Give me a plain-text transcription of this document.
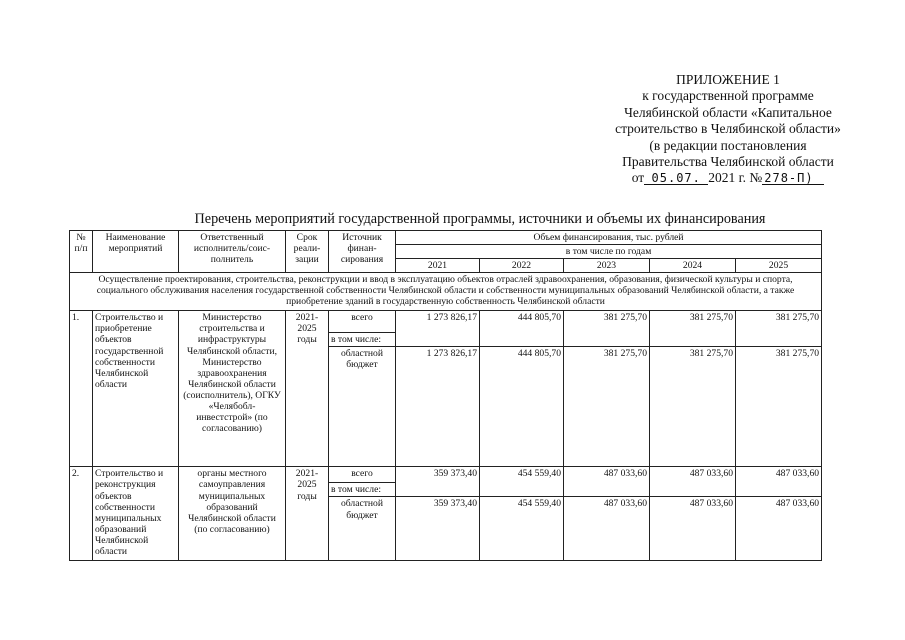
ПРИЛОЖЕНИЕ 1
к государственной программе
Челябинской области «Капитальное
строительство в Челябинской области»
(в редакции постановления
Правительства Челябинской области
от 05.07. 2021 г. № 278-П)
Перечень мероприятий государственной программы, источники и объемы их финансирования
№ п/п	Наименование мероприятий	Ответственный исполнитель/соис-полнитель	Срок реали-зации	Источник финан-сирования	Объем финансирования, тыс. рублей				
					в том числе по годам				
					2021	2022	2023	2024	2025
Осуществление проектирования, строительства, реконструкции и ввод в эксплуатацию объектов отраслей здравоохранения, образования, физической культуры и спорта, социального обслуживания населения государственной собственности Челябинской области и собственности муниципальных образований Челябинской области, а также приобретение зданий в государственную собственность Челябинской области									
1.	Строительство и приобретение объектов государственной собственности Челябинской области	Министерство строительства и инфраструктуры Челябинской области, Министерство здравоохранения Челябинской области (соисполнитель), ОГКУ «Челябобл-инвестстрой» (по согласованию)	2021-2025 годы	всего	1 273 826,17	444 805,70	381 275,70	381 275,70	381 275,70
				в том числе:					
				областной бюджет	1 273 826,17	444 805,70	381 275,70	381 275,70	381 275,70
2.	Строительство и реконструкция объектов собственности муниципальных образований Челябинской области	органы местного самоуправления муниципальных образований Челябинской области (по согласованию)	2021-2025 годы	всего	359 373,40	454 559,40	487 033,60	487 033,60	487 033,60
				в том числе:					
				областной бюджет	359 373,40	454 559,40	487 033,60	487 033,60	487 033,60
